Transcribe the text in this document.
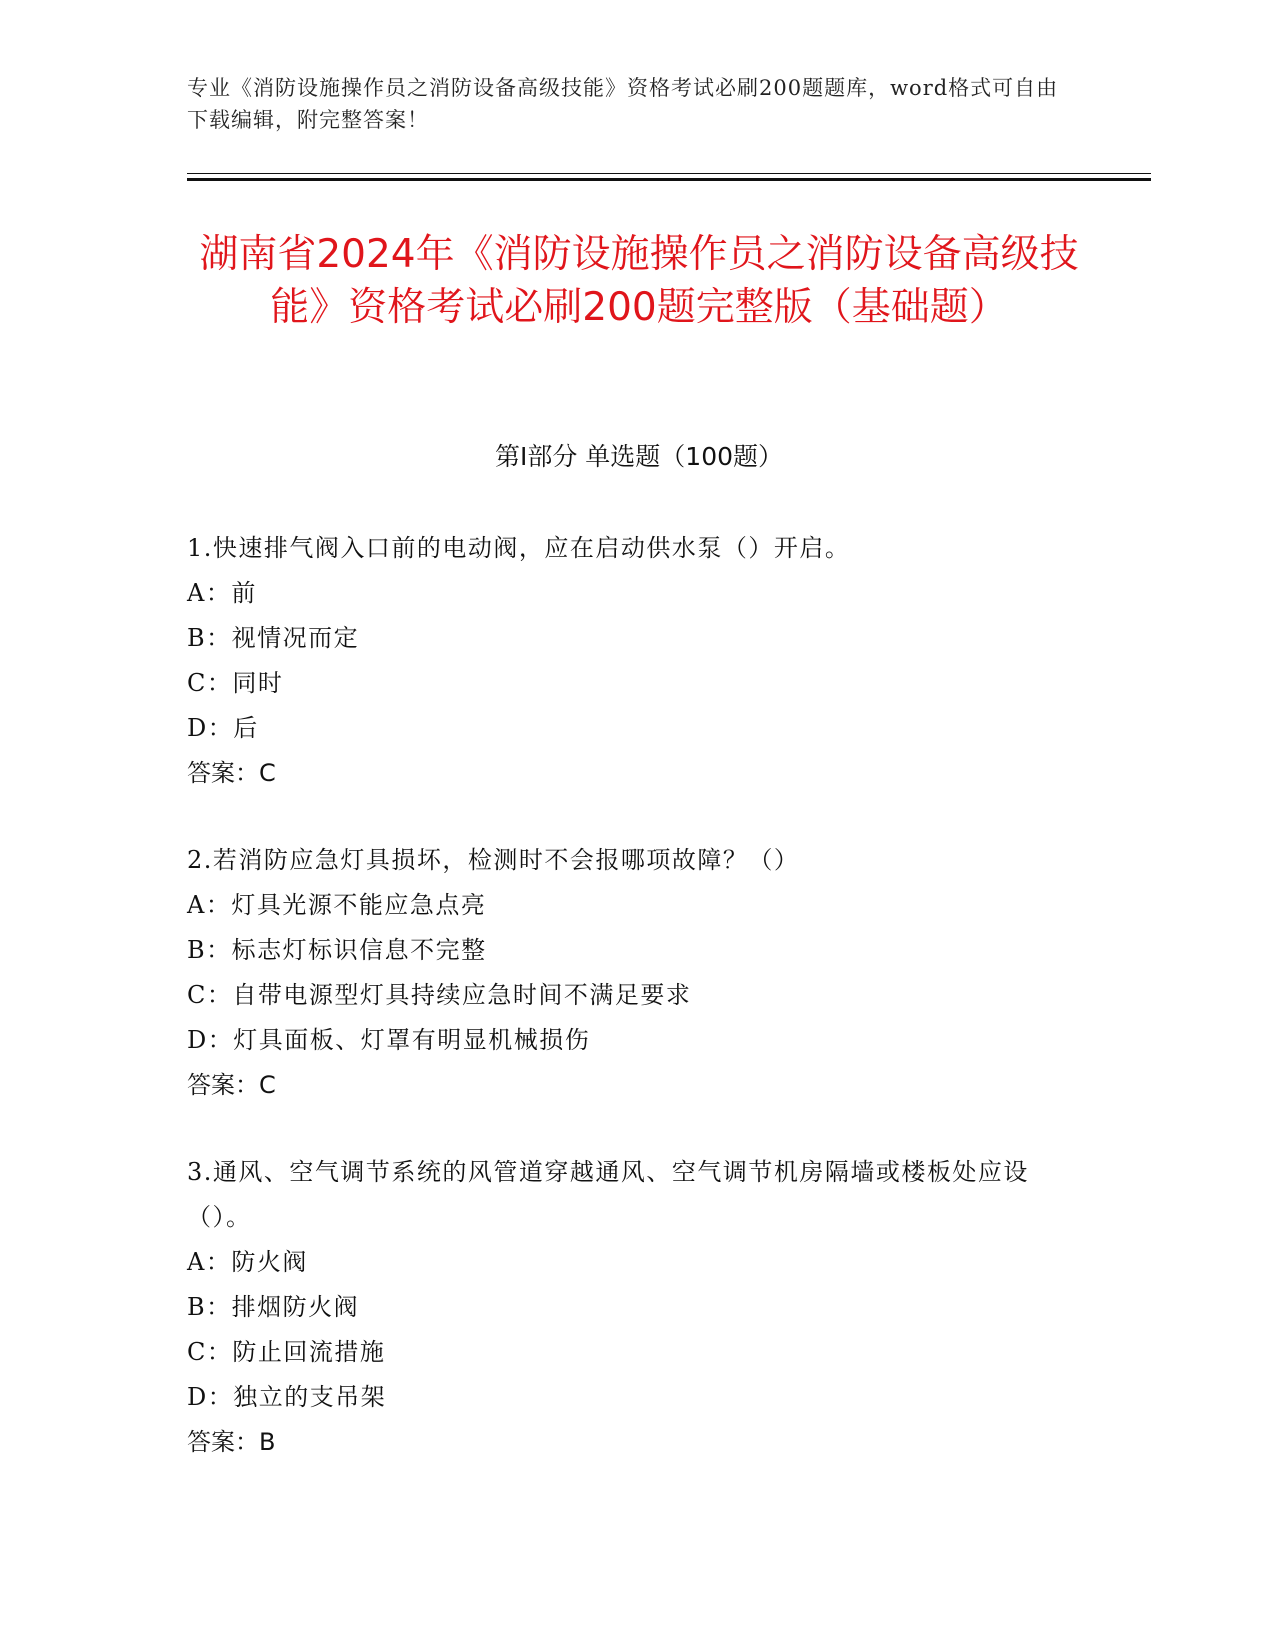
专业《消防设施操作员之消防设备高级技能》资格考试必刷200题题库，word格式可自由下载编辑，附完整答案！
湖南省2024年《消防设施操作员之消防设备高级技能》资格考试必刷200题完整版（基础题）
第Ⅰ部分 单选题（100题）
1.快速排气阀入口前的电动阀，应在启动供水泵（）开启。
A：前
B：视情况而定
C：同时
D：后
答案：C
2.若消防应急灯具损坏，检测时不会报哪项故障？（）
A：灯具光源不能应急点亮
B：标志灯标识信息不完整
C：自带电源型灯具持续应急时间不满足要求
D：灯具面板、灯罩有明显机械损伤
答案：C
3.通风、空气调节系统的风管道穿越通风、空气调节机房隔墙或楼板处应设（）。
A：防火阀
B：排烟防火阀
C：防止回流措施
D：独立的支吊架
答案：B
